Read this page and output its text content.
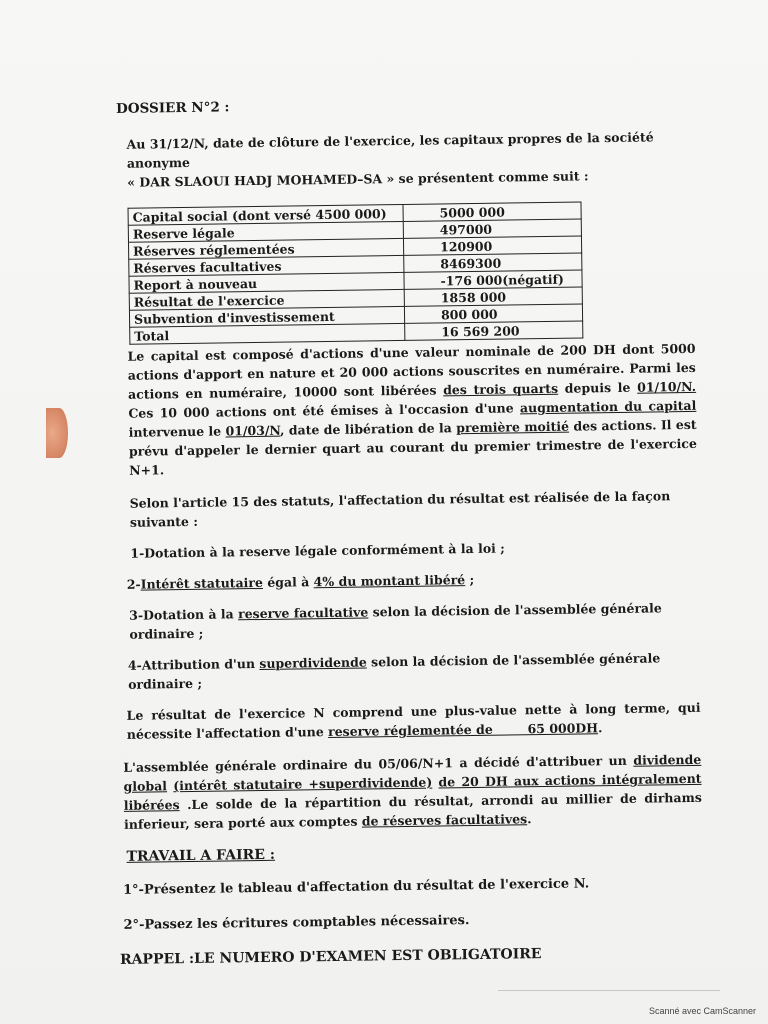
DOSSIER N°2 :
Au 31/12/N, date de clôture de l'exercice, les capitaux propres de la société anonyme
« DAR SLAOUI HADJ MOHAMED–SA » se présentent comme suit :
Capital social (dont versé 4500 000)	5000 000
Reserve légale	497000
Réserves réglementées	120900
Réserves facultatives	8469300
Report à nouveau	-176 000(négatif)
Résultat de l'exercice	1858 000
Subvention d'investissement	800 000
Total	16 569 200
Le capital est composé d'actions d'une valeur nominale de 200 DH dont 5000 actions d'apport en nature et 20 000 actions souscrites en numéraire. Parmi les actions en numéraire, 10000 sont libérées des trois quarts depuis le 01/10/N. Ces 10 000 actions ont été émises à l'occasion d'une augmentation du capital intervenue le 01/03/N, date de libération de la première moitié des actions. Il est prévu d'appeler le dernier quart au courant du premier trimestre de l'exercice N+1.
Selon l'article 15 des statuts, l'affectation du résultat est réalisée de la façon suivante :
1-Dotation à la reserve légale conformément à la loi ;
2-Intérêt statutaire égal à 4% du montant libéré ;
3-Dotation à la reserve facultative selon la décision de l'assemblée générale ordinaire ;
4-Attribution d'un superdividende selon la décision de l'assemblée générale ordinaire ;
Le résultat de l'exercice N comprend une plus-value nette à long terme, qui nécessite l'affectation d'une reserve réglementée de        65 000DH.
L'assemblée générale ordinaire du 05/06/N+1 a décidé d'attribuer un dividende global (intérêt statutaire +superdividende) de 20 DH aux actions intégralement libérées .Le solde de la répartition du résultat, arrondi au millier de dirhams inferieur, sera porté aux comptes de réserves facultatives.
TRAVAIL A FAIRE :
1°-Présentez le tableau d'affectation du résultat de l'exercice N.
2°-Passez les écritures comptables nécessaires.
RAPPEL :LE NUMERO D'EXAMEN EST OBLIGATOIRE
Scanné avec CamScanner
